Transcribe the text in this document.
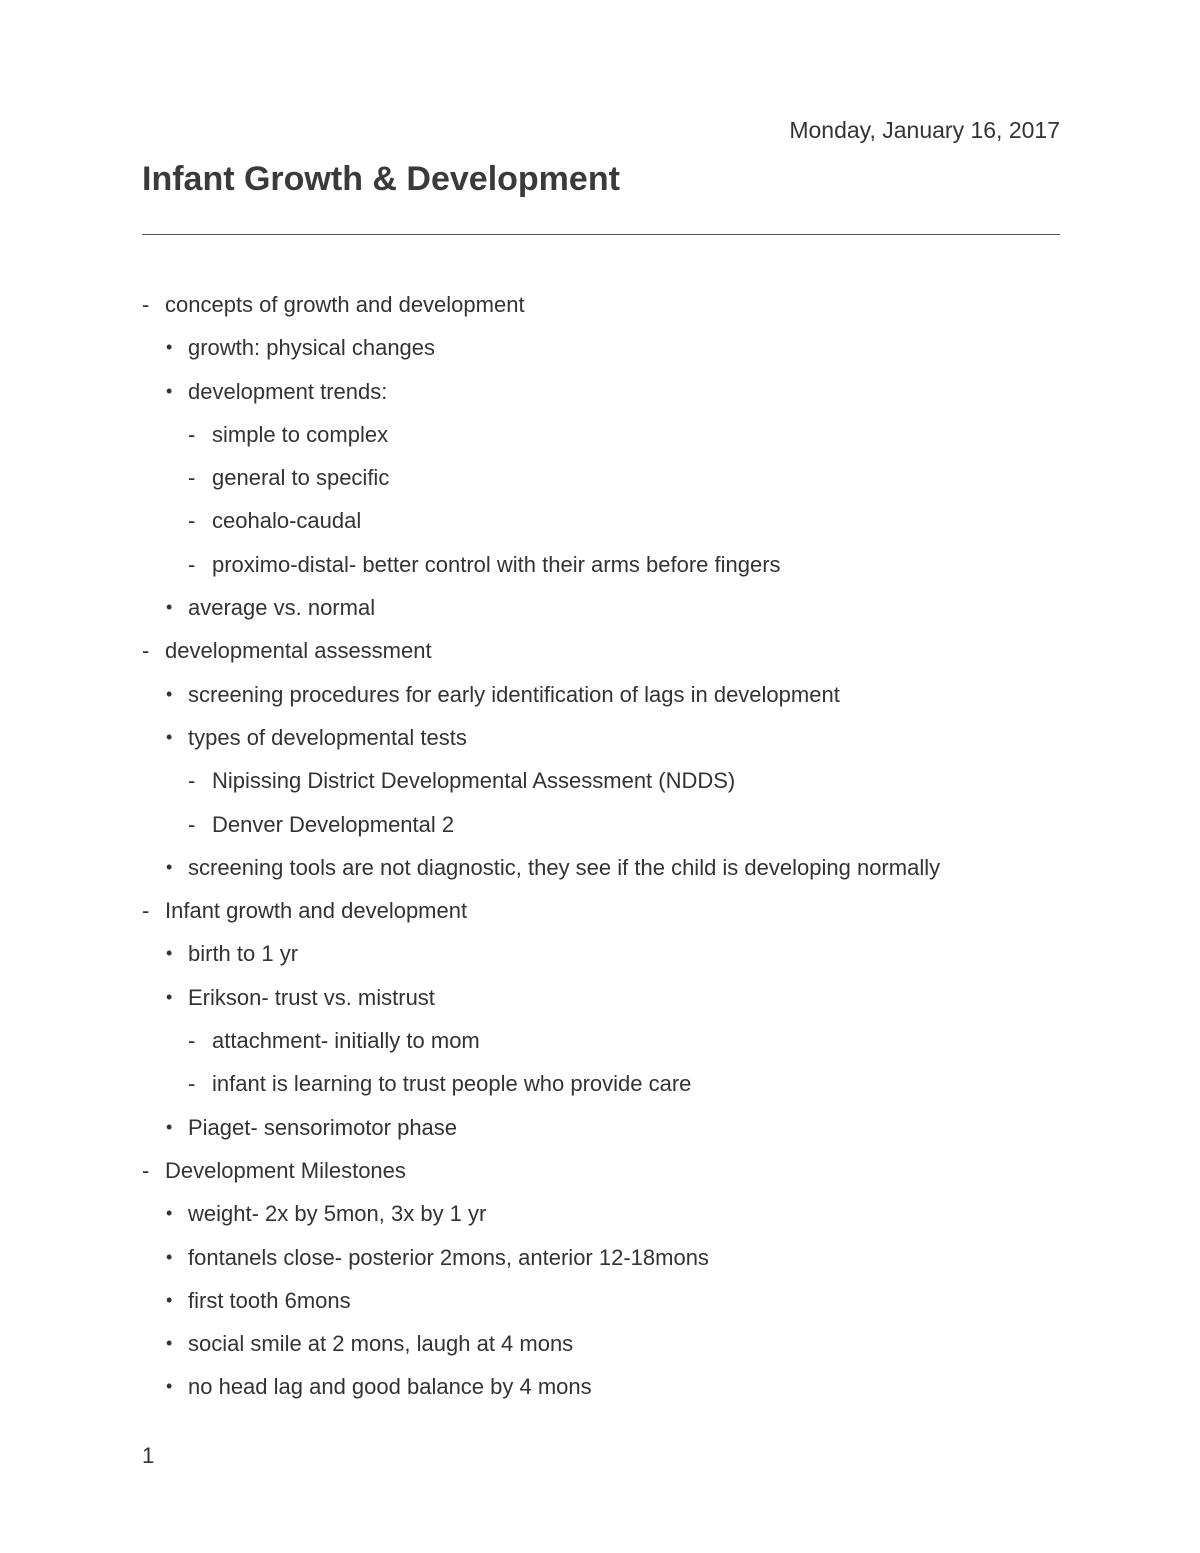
Monday, January 16, 2017
Infant Growth & Development
- concepts of growth and development
• growth: physical changes
• development trends:
- simple to complex
- general to specific
- ceohalo-caudal
- proximo-distal- better control with their arms before fingers
• average vs. normal
- developmental assessment
• screening procedures for early identification of lags in development
• types of developmental tests
- Nipissing District Developmental Assessment (NDDS)
- Denver Developmental 2
• screening tools are not diagnostic, they see if the child is developing normally
- Infant growth and development
• birth to 1 yr
• Erikson- trust vs. mistrust
- attachment- initially to mom
- infant is learning to trust people who provide care
• Piaget- sensorimotor phase
- Development Milestones
• weight- 2x by 5mon, 3x by 1 yr
• fontanels close- posterior 2mons, anterior 12-18mons
• first tooth 6mons
• social smile at 2 mons, laugh at 4 mons
• no head lag and good balance by 4 mons
1
